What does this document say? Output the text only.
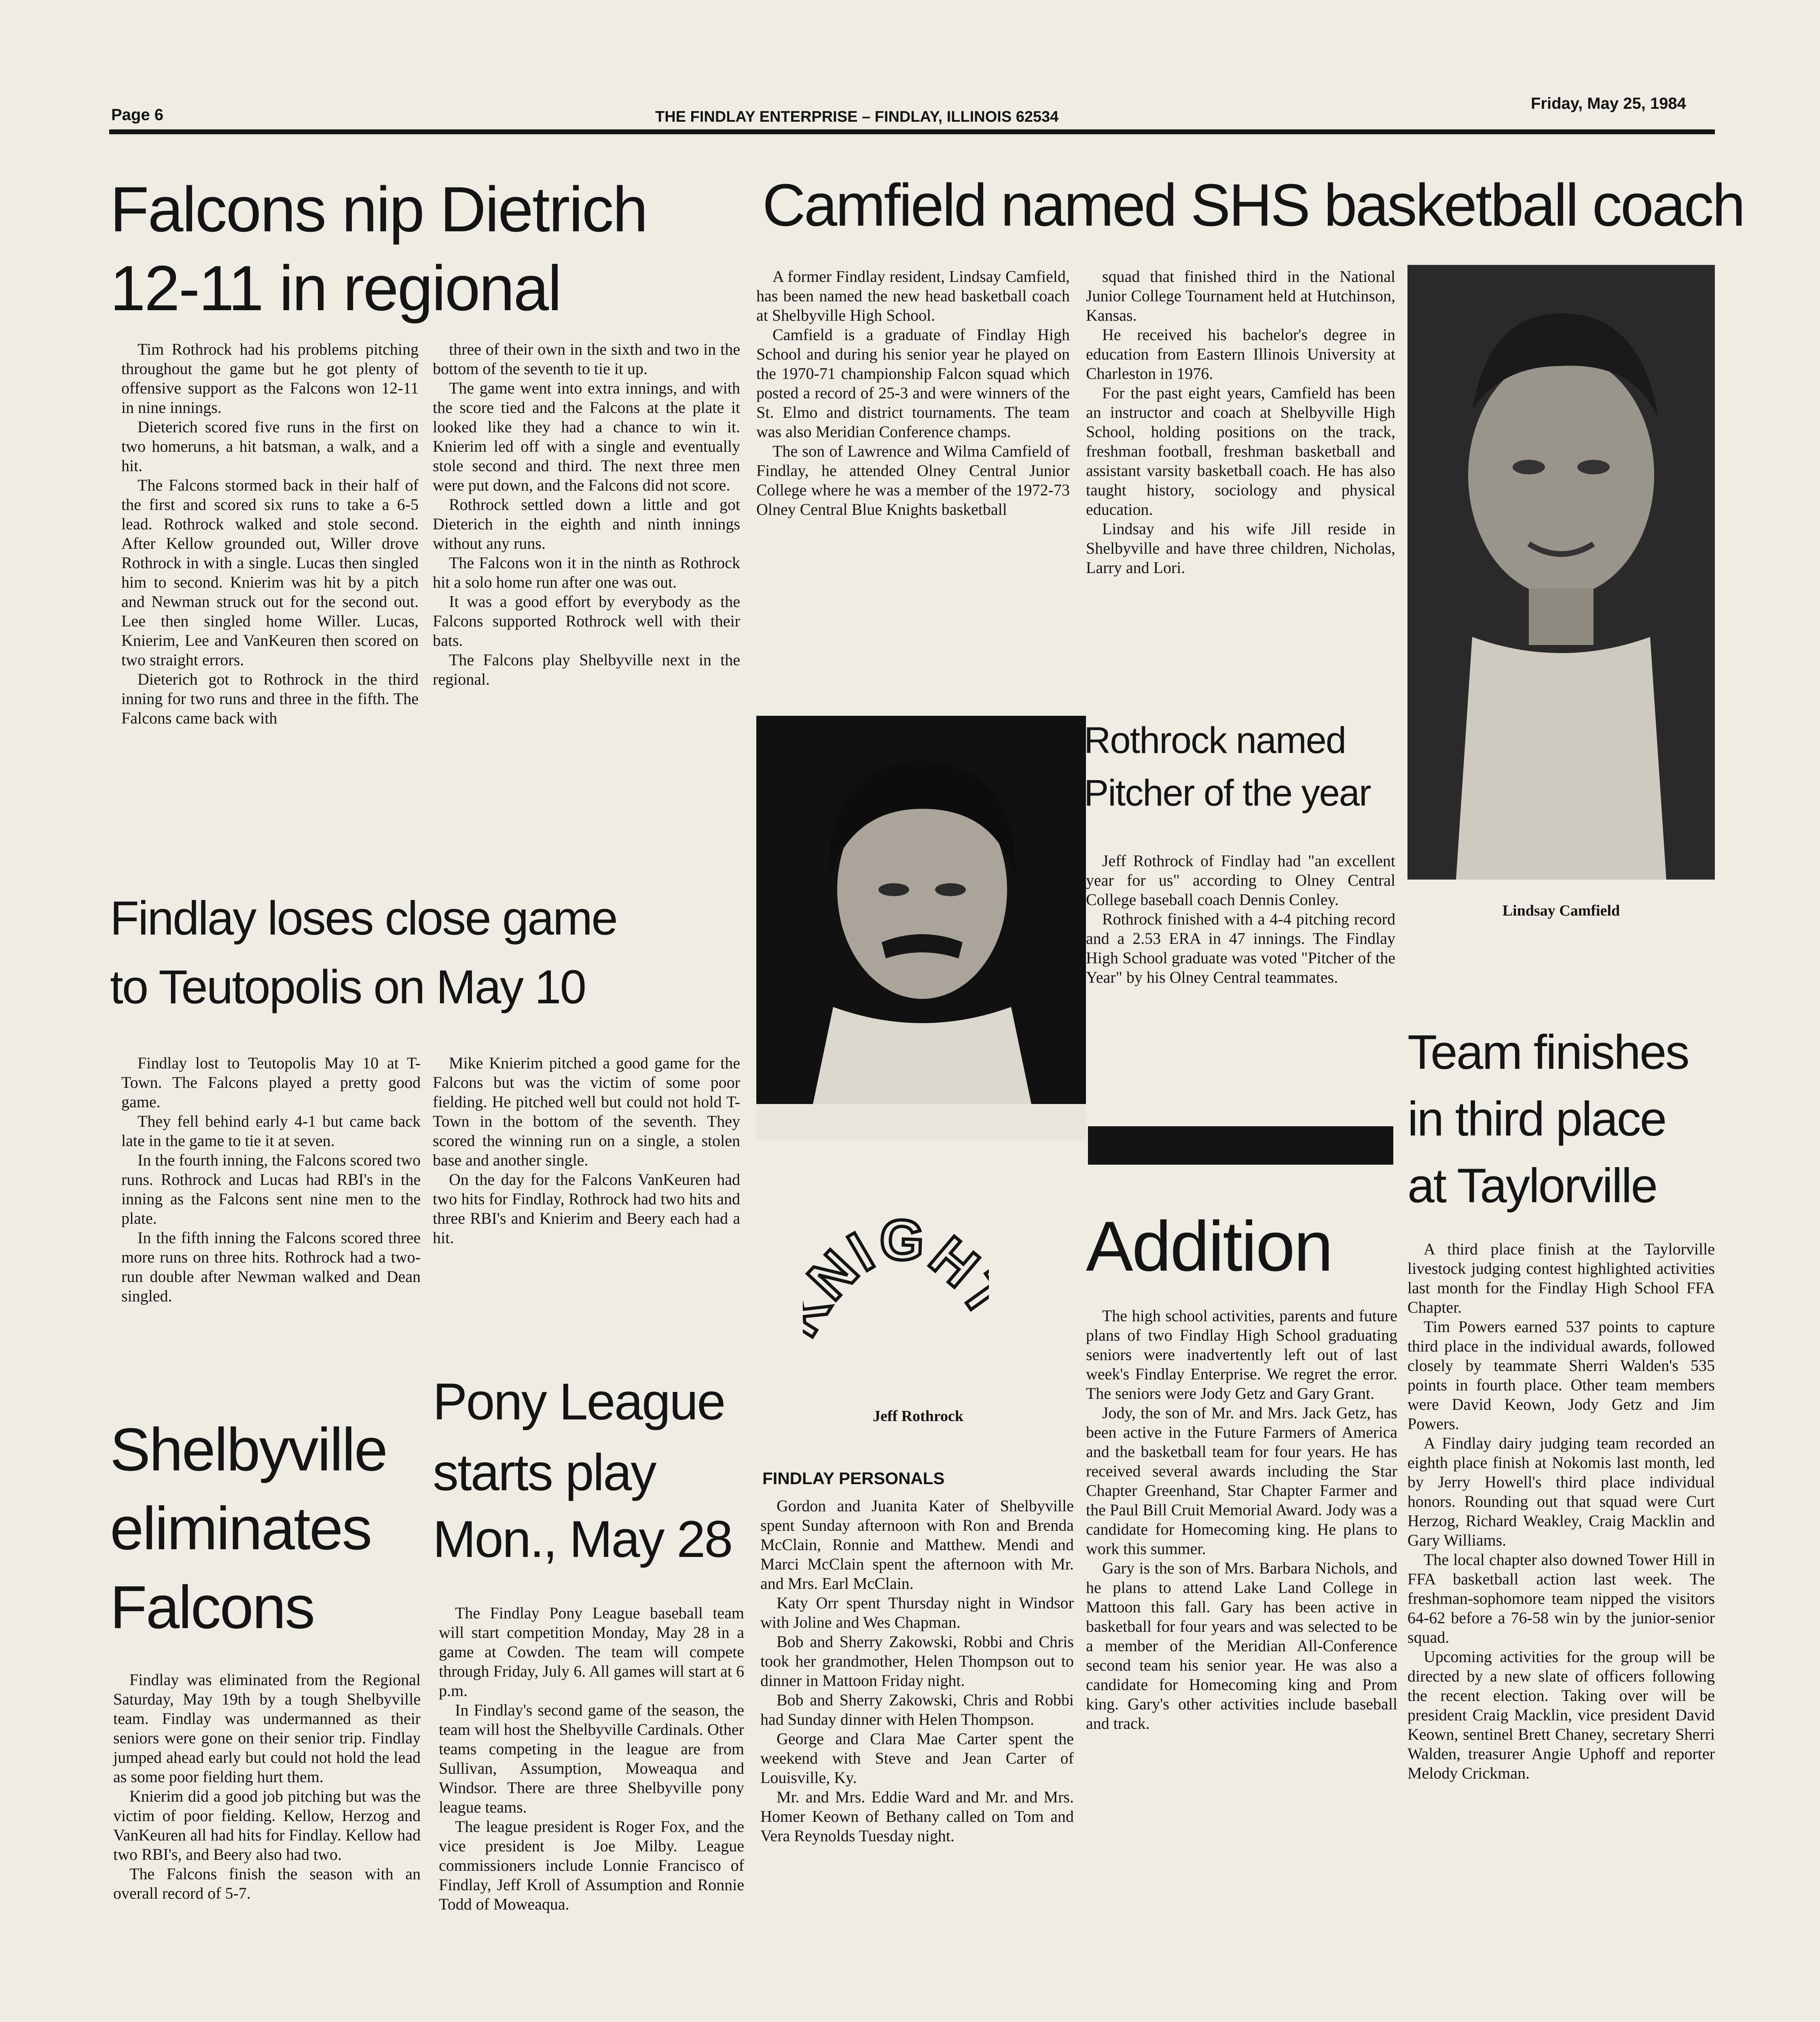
Page 6	THE FINDLAY ENTERPRISE – FINDLAY, ILLINOIS 62534
Friday, May 25, 1984
Falcons nip Dietrich
12-11 in regional

Tim Rothrock had his problems pitching throughout the game but he got plenty of offensive support as the Falcons won 12-11 in nine innings.

Dieterich scored five runs in the first on two homeruns, a hit batsman, a walk, and a hit.

The Falcons stormed back in their half of the first and scored six runs to take a 6-5 lead. Rothrock walked and stole second. After Kellow grounded out, Willer drove Rothrock in with a single. Lucas then singled him to second. Knierim was hit by a pitch and Newman struck out for the second out. Lee then singled home Willer. Lucas, Knierim, Lee and VanKeuren then scored on two straight errors.

Dieterich got to Rothrock in the third inning for two runs and three in the fifth. The Falcons came back with

three of their own in the sixth and two in the bottom of the seventh to tie it up.

The game went into extra innings, and with the score tied and the Falcons at the plate it looked like they had a chance to win it. Knierim led off with a single and eventually stole second and third. The next three men were put down, and the Falcons did not score.

Rothrock settled down a little and got Dieterich in the eighth and ninth innings without any runs.

The Falcons won it in the ninth as Rothrock hit a solo home run after one was out.

It was a good effort by everybody as the Falcons supported Rothrock well with their bats.

The Falcons play Shelbyville next in the regional.

Findlay loses close game
to Teutopolis on May 10

Findlay lost to Teutopolis May 10 at T-Town. The Falcons played a pretty good game.

They fell behind early 4-1 but came back late in the game to tie it at seven.

In the fourth inning, the Falcons scored two runs. Rothrock and Lucas had RBI's in the inning as the Falcons sent nine men to the plate.

In the fifth inning the Falcons scored three more runs on three hits. Rothrock had a two-run double after Newman walked and Dean singled.

Mike Knierim pitched a good game for the Falcons but was the victim of some poor fielding. He pitched well but could not hold T-Town in the bottom of the seventh. They scored the winning run on a single, a stolen base and another single.

On the day for the Falcons VanKeuren had two hits for Findlay, Rothrock had two hits and three RBI's and Knierim and Beery each had a hit.

Shelbyville
eliminates
Falcons

Findlay was eliminated from the Regional Saturday, May 19th by a tough Shelbyville team. Findlay was undermanned as their seniors were gone on their senior trip. Findlay jumped ahead early but could not hold the lead as some poor fielding hurt them.

Knierim did a good job pitching but was the victim of poor fielding. Kellow, Herzog and VanKeuren all had hits for Findlay. Kellow had two RBI's, and Beery also had two.

The Falcons finish the season with an overall record of 5-7.

Pony League
starts play
Mon., May 28

The Findlay Pony League baseball team will start competition Monday, May 28 in a game at Cowden. The team will compete through Friday, July 6. All games will start at 6 p.m.

In Findlay's second game of the season, the team will host the Shelbyville Cardinals. Other teams competing in the league are from Sullivan, Assumption, Moweaqua and Windsor. There are three Shelbyville pony league teams.

The league president is Roger Fox, and the vice president is Joe Milby. League commissioners include Lonnie Francisco of Findlay, Jeff Kroll of Assumption and Ronnie Todd of Moweaqua.

Camfield named SHS basketball coach

A former Findlay resident, Lindsay Camfield, has been named the new head basketball coach at Shelbyville High School.

Camfield is a graduate of Findlay High School and during his senior year he played on the 1970-71 championship Falcon squad which posted a record of 25-3 and were winners of the St. Elmo and district tournaments. The team was also Meridian Conference champs.

The son of Lawrence and Wilma Camfield of Findlay, he attended Olney Central Junior College where he was a member of the 1972-73 Olney Central Blue Knights basketball

squad that finished third in the National Junior College Tournament held at Hutchinson, Kansas.

He received his bachelor's degree in education from Eastern Illinois University at Charleston in 1976.

For the past eight years, Camfield has been an instructor and coach at Shelbyville High School, holding positions on the track, freshman football, freshman basketball and assistant varsity basketball coach. He has also taught history, sociology and physical education.

Lindsay and his wife Jill reside in Shelbyville and have three children, Nicholas, Larry and Lori.

Lindsay Camfield
NIGH
Jeff Rothrock
Rothrock named
Pitcher of the year

Jeff Rothrock of Findlay had "an excellent year for us" according to Olney Central College baseball coach Dennis Conley.

Rothrock finished with a 4-4 pitching record and a 2.53 ERA in 47 innings. The Findlay High School graduate was voted "Pitcher of the Year" by his Olney Central teammates.

FINDLAY PERSONALS

Gordon and Juanita Kater of Shelbyville spent Sunday afternoon with Ron and Brenda McClain, Ronnie and Matthew. Mendi and Marci McClain spent the afternoon with Mr. and Mrs. Earl McClain.

Katy Orr spent Thursday night in Windsor with Joline and Wes Chapman.

Bob and Sherry Zakowski, Robbi and Chris took her grandmother, Helen Thompson out to dinner in Mattoon Friday night.

Bob and Sherry Zakowski, Chris and Robbi had Sunday dinner with Helen Thompson.

George and Clara Mae Carter spent the weekend with Steve and Jean Carter of Louisville, Ky.

Mr. and Mrs. Eddie Ward and Mr. and Mrs. Homer Keown of Bethany called on Tom and Vera Reynolds Tuesday night.

Addition

The high school activities, parents and future plans of two Findlay High School graduating seniors were inadvertently left out of last week's Findlay Enterprise. We regret the error. The seniors were Jody Getz and Gary Grant.

Jody, the son of Mr. and Mrs. Jack Getz, has been active in the Future Farmers of America and the basketball team for four years. He has received several awards including the Star Chapter Greenhand, Star Chapter Farmer and the Paul Bill Cruit Memorial Award. Jody was a candidate for Homecoming king. He plans to work this summer.

Gary is the son of Mrs. Barbara Nichols, and he plans to attend Lake Land College in Mattoon this fall. Gary has been active in basketball for four years and was selected to be a member of the Meridian All-Conference second team his senior year. He was also a candidate for Homecoming king and Prom king. Gary's other activities include baseball and track.

Team finishes
in third place
at Taylorville

A third place finish at the Taylorville livestock judging contest highlighted activities last month for the Findlay High School FFA Chapter.

Tim Powers earned 537 points to capture third place in the individual awards, followed closely by teammate Sherri Walden's 535 points in fourth place. Other team members were David Keown, Jody Getz and Jim Powers.

A Findlay dairy judging team recorded an eighth place finish at Nokomis last month, led by Jerry Howell's third place individual honors. Rounding out that squad were Curt Herzog, Richard Weakley, Craig Macklin and Gary Williams.

The local chapter also downed Tower Hill in FFA basketball action last week. The freshman-sophomore team nipped the visitors 64-62 before a 76-58 win by the junior-senior squad.

Upcoming activities for the group will be directed by a new slate of officers following the recent election. Taking over will be president Craig Macklin, vice president David Keown, sentinel Brett Chaney, secretary Sherri Walden, treasurer Angie Uphoff and reporter Melody Crickman.
